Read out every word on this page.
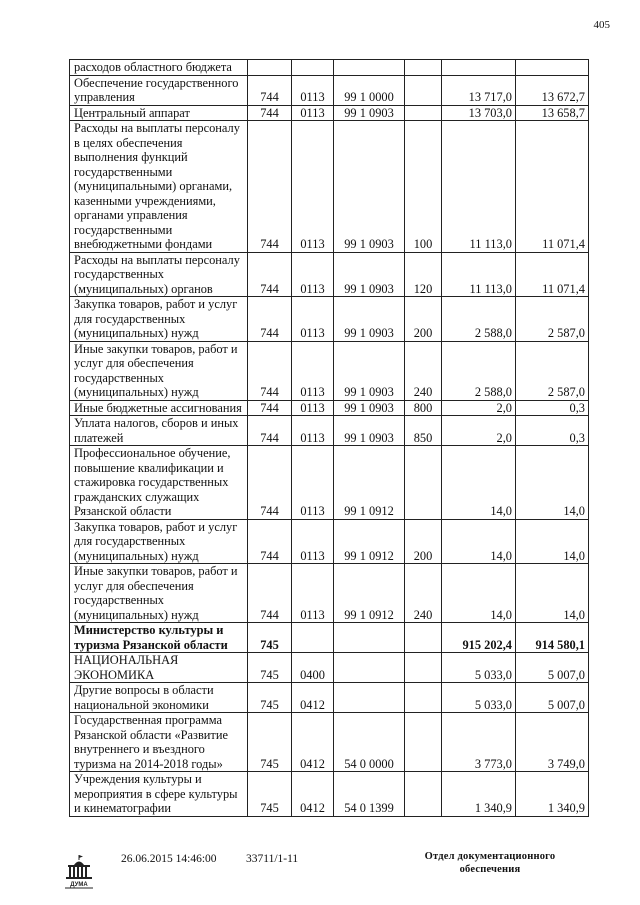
405
расходов областного бюджета						
Обеспечение государственного управления	744	0113	99 1 0000		13 717,0	13 672,7
Центральный аппарат	744	0113	99 1 0903		13 703,0	13 658,7
Расходы на выплаты персоналу в целях обеспечения выполнения функций государственными (муниципальными) органами, казенными учреждениями, органами управления государственными внебюджетными фондами	744	0113	99 1 0903	100	11 113,0	11 071,4
Расходы на выплаты персоналу государственных (муниципальных) органов	744	0113	99 1 0903	120	11 113,0	11 071,4
Закупка товаров, работ и услуг для государственных (муниципальных) нужд	744	0113	99 1 0903	200	2 588,0	2 587,0
Иные закупки товаров, работ и услуг для обеспечения государственных (муниципальных) нужд	744	0113	99 1 0903	240	2 588,0	2 587,0
Иные бюджетные ассигнования	744	0113	99 1 0903	800	2,0	0,3
Уплата налогов, сборов и иных платежей	744	0113	99 1 0903	850	2,0	0,3
Профессиональное обучение, повышение квалификации и стажировка государственных гражданских служащих Рязанской области	744	0113	99 1 0912		14,0	14,0
Закупка товаров, работ и услуг для государственных (муниципальных) нужд	744	0113	99 1 0912	200	14,0	14,0
Иные закупки товаров, работ и услуг для обеспечения государственных (муниципальных) нужд	744	0113	99 1 0912	240	14,0	14,0
Министерство культуры и туризма Рязанской области	745				915 202,4	914 580,1
НАЦИОНАЛЬНАЯ ЭКОНОМИКА	745	0400			5 033,0	5 007,0
Другие вопросы в области национальной экономики	745	0412			5 033,0	5 007,0
Государственная программа Рязанской области «Развитие внутреннего и въездного туризма на 2014-2018 годы»	745	0412	54 0 0000		3 773,0	3 749,0
Учреждения культуры и мероприятия в сфере культуры и кинематографии	745	0412	54 0 1399		1 340,9	1 340,9
ДУМА
26.06.2015 14:46:00	33711/1-11	Отдел документационного обеспечения
